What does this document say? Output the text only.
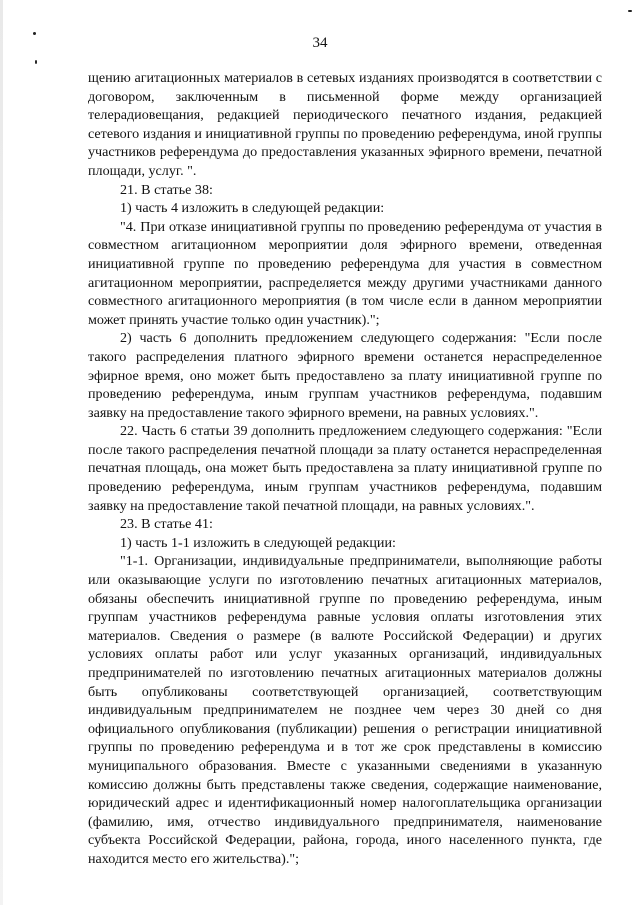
34

щению агитационных материалов в сетевых изданиях производятся в соответствии с договором, заключенным в письменной форме между организацией телерадиовещания, редакцией периодического печатного издания, редакцией сетевого издания и инициативной группы по проведению референдума, иной группы участников референдума до предоставления указанных эфирного времени, печатной площади, услуг. ".

21. В статье 38:

1) часть 4 изложить в следующей редакции:

"4. При отказе инициативной группы по проведению референдума от участия в совместном агитационном мероприятии доля эфирного времени, отведенная инициативной группе по проведению референдума для участия в совместном агитационном мероприятии, распределяется между другими участниками данного совместного агитационного мероприятия (в том числе если в данном мероприятии может принять участие только один участник).";

2) часть 6 дополнить предложением следующего содержания: "Если после такого распределения платного эфирного времени останется нераспределенное эфирное время, оно может быть предоставлено за плату инициативной группе по проведению референдума, иным группам участников референдума, подавшим заявку на предоставление такого эфирного времени, на равных условиях.".

22. Часть 6 статьи 39 дополнить предложением следующего содержания: "Если после такого распределения печатной площади за плату останется нераспределенная печатная площадь, она может быть предоставлена за плату инициативной группе по проведению референдума, иным группам участников референдума, подавшим заявку на предоставление такой печатной площади, на равных условиях.".

23. В статье 41:

1) часть 1-1 изложить в следующей редакции:

"1-1. Организации, индивидуальные предприниматели, выполняющие работы или оказывающие услуги по изготовлению печатных агитационных материалов, обязаны обеспечить инициативной группе по проведению референдума, иным группам участников референдума равные условия оплаты изготовления этих материалов. Сведения о размере (в валюте Российской Федерации) и других условиях оплаты работ или услуг указанных организаций, индивидуальных предпринимателей по изготовлению печатных агитационных материалов должны быть опубликованы соответствующей организацией, соответствующим индивидуальным предпринимателем не позднее чем через 30 дней со дня официального опубликования (публикации) решения о регистрации инициативной группы по проведению референдума и в тот же срок представлены в комиссию муниципального образования. Вместе с указанными сведениями в указанную комиссию должны быть представлены также сведения, содержащие наименование, юридический адрес и идентификационный номер налогоплательщика организации (фамилию, имя, отчество индивидуального предпринимателя, наименование субъекта Российской Федерации, района, города, иного населенного пункта, где находится место его жительства).";
